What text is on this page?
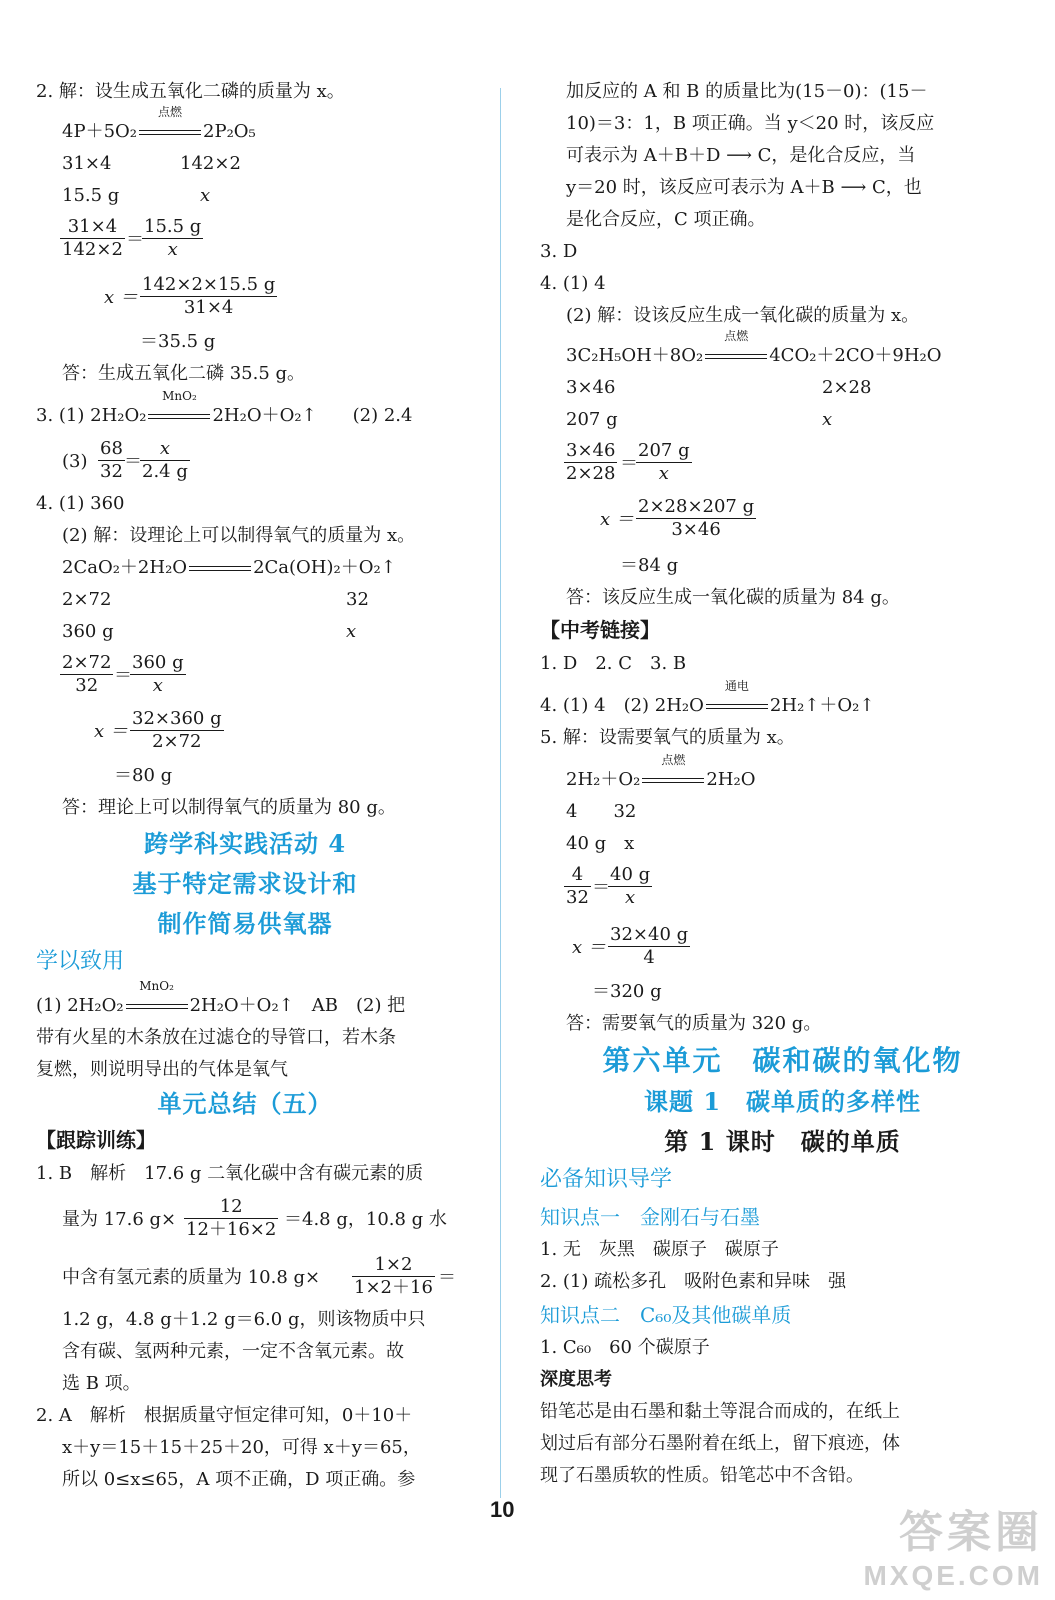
2. 解：设生成五氧化二磷的质量为 x。
4P＋5O₂
点燃
2P₂O₅
31×4	142×2
15.5 g	x
$\frac{31\times 4}{142\times 2}$ ＝
$\frac{15.5 g}{x}$
$x = \frac{142\times 2\times 15.5 g}{31\times 4}$
＝35.5 g
答：生成五氧化二磷 35.5 g。
3. (1) 2H₂O₂
MnO₂
2H₂O＋O₂↑　　(2) 2.4
$(3) \frac{68}{32}$ ＝
$\frac{x}{2.4 g}$
4. (1) 360
(2) 解：设理论上可以制得氧气的质量为 x。
2CaO₂＋2H₂O	2Ca(OH)₂＋O₂↑
2×72	32
360 g	x
$\frac{2\times 72}{32}$ ＝
$\frac{360 g}{x}$
$x = \frac{32\times 360 g}{2\times 72}$
＝80 g
答：理论上可以制得氧气的质量为 80 g。
跨学科实践活动 4
基于特定需求设计和
制作简易供氧器
学以致用
(1) 2H₂O₂
MnO₂
2H₂O＋O₂↑　AB　(2) 把
带有火星的木条放在过滤仓的导管口，若木条
复燃，则说明导出的气体是氧气
单元总结（五）
【跟踪训练】
1. B　解析　17.6 g 二氧化碳中含有碳元素的质
量为 17.6 $g\times \frac{12}{12+16\times 2} =4.8$ g，10.8 g 水
中含有氢元素的质量为 10.8 $g\times \frac{1\times 2}{1\times 2+16}$ ＝
1.2 g，4.8 g＋1.2 g＝6.0 g，则该物质中只
含有碳、氢两种元素，一定不含氧元素。故
选 B 项。
2. A　解析　根据质量守恒定律可知，0＋10＋
x＋y＝15＋15＋25＋20，可得 x＋y＝65，
所以 0≤x≤65，A 项不正确，D 项正确。参
加反应的 A 和 B 的质量比为(15－0)：(15－
10)＝3：1，B 项正确。当 y＜20 时，该反应
可表示为 A＋B＋D ⟶ C，是化合反应，当
y＝20 时，该反应可表示为 A＋B ⟶ C，也
是化合反应，C 项正确。
3. D
4. (1) 4
(2) 解：设该反应生成一氧化碳的质量为 x。
3C₂H₅OH＋8O₂
点燃
4CO₂＋2CO＋9H₂O
3×46	2×28
207 g	x
$\frac{3\times 46}{2\times 28}$ ＝
$\frac{207 g}{x}$
$x = \frac{2\times 28\times 207 g}{3\times 46}$
＝84 g
答：该反应生成一氧化碳的质量为 84 g。
【中考链接】
1. D　2. C　3. B
4. (1) 4　(2) 2H₂O
通电
2H₂↑＋O₂↑
5. 解：设需要氧气的质量为 x。
2H₂＋O₂
点燃
2H₂O
4　　32
40 g　x
$\frac{4}{32}$ ＝
$\frac{40 g}{x}$
$x = \frac{32\times 40 g}{4}$
＝320 g
答：需要氧气的质量为 320 g。
第六单元　碳和碳的氧化物
课题 1　碳单质的多样性
第 1 课时　碳的单质
必备知识导学
知识点一　金刚石与石墨
1. 无　灰黑　碳原子　碳原子
2. (1) 疏松多孔　吸附色素和异味　强
知识点二　C₆₀及其他碳单质
1. C₆₀　60 个碳原子
深度思考
铅笔芯是由石墨和黏土等混合而成的，在纸上
划过后有部分石墨附着在纸上，留下痕迹，体
现了石墨质软的性质。铅笔芯中不含铅。
10	答案圈
MXQE.COM
